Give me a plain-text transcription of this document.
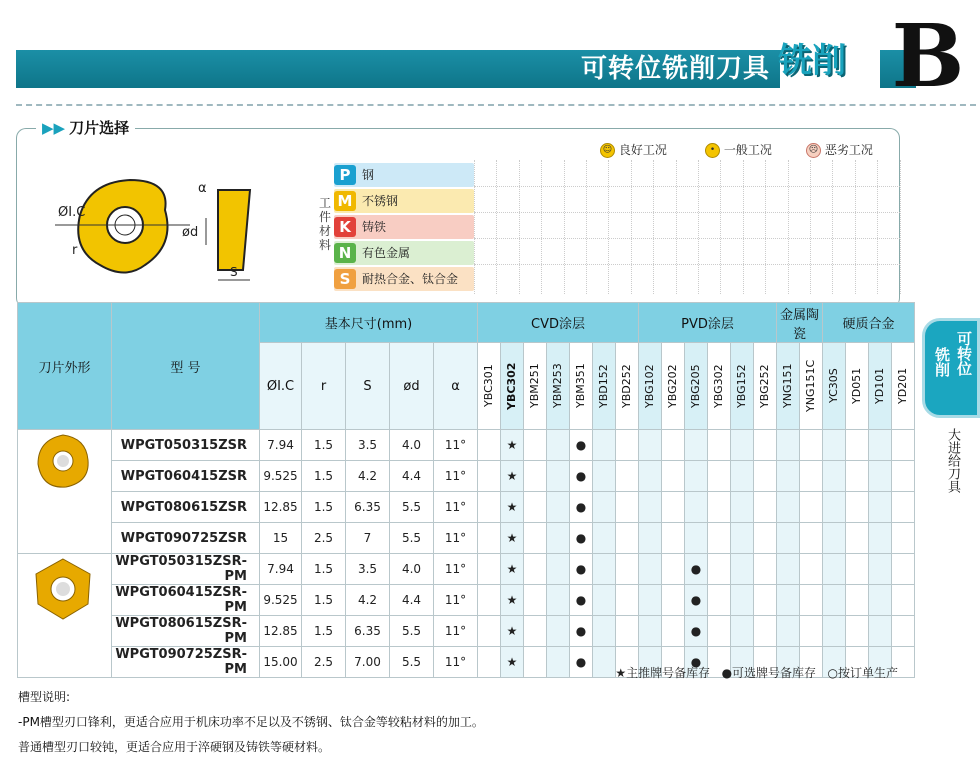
可转位铣削刀具 铣削 B
▶▶ 刀片选择
☺ 良好工况	• 一般工况	☹ 恶劣工况
ØI.C
r
α
ød
S
工件材料
P 钢
M 不锈钢
K 铸铁
N 有色金属
S 耐热合金、钛合金
刀片外形	型 号	基本尺寸(mm)					CVD涂层							PVD涂层						金属陶瓷		硬质合金			
		ØI.C	r	S	ød	α	YBC301	YBC302	YBM251	YBM253	YBM351	YBD152	YBD252	YBG102	YBG202	YBG205	YBG302	YBG152	YBG252	YNG151	YNG151C	YC30S	YD051	YD101	YD201

	WPGT050315ZSR	7.94	1.5	3.5	4.0	11°		★			●														
	WPGT060415ZSR	9.525	1.5	4.2	4.4	11°		★			●														
	WPGT080615ZSR	12.85	1.5	6.35	5.5	11°		★			●														
	WPGT090725ZSR	15	2.5	7	5.5	11°		★			●														
	WPGT050315ZSR-PM	7.94	1.5	3.5	4.0	11°		★			●					●									
	WPGT060415ZSR-PM	9.525	1.5	4.2	4.4	11°		★			●					●									
	WPGT080615ZSR-PM	12.85	1.5	6.35	5.5	11°		★			●					●									
	WPGT090725ZSR-PM	15.00	2.5	7.00	5.5	11°		★			●					●									
★主推牌号备库存 ●可选牌号备库存 ○按订单生产
槽型说明:
-PM槽型刃口锋利，更适合应用于机床功率不足以及不锈钢、钛合金等较粘材料的加工。
普通槽型刃口较钝，更适合应用于淬硬钢及铸铁等硬材料。
可转位
铣削
大进给刀具
